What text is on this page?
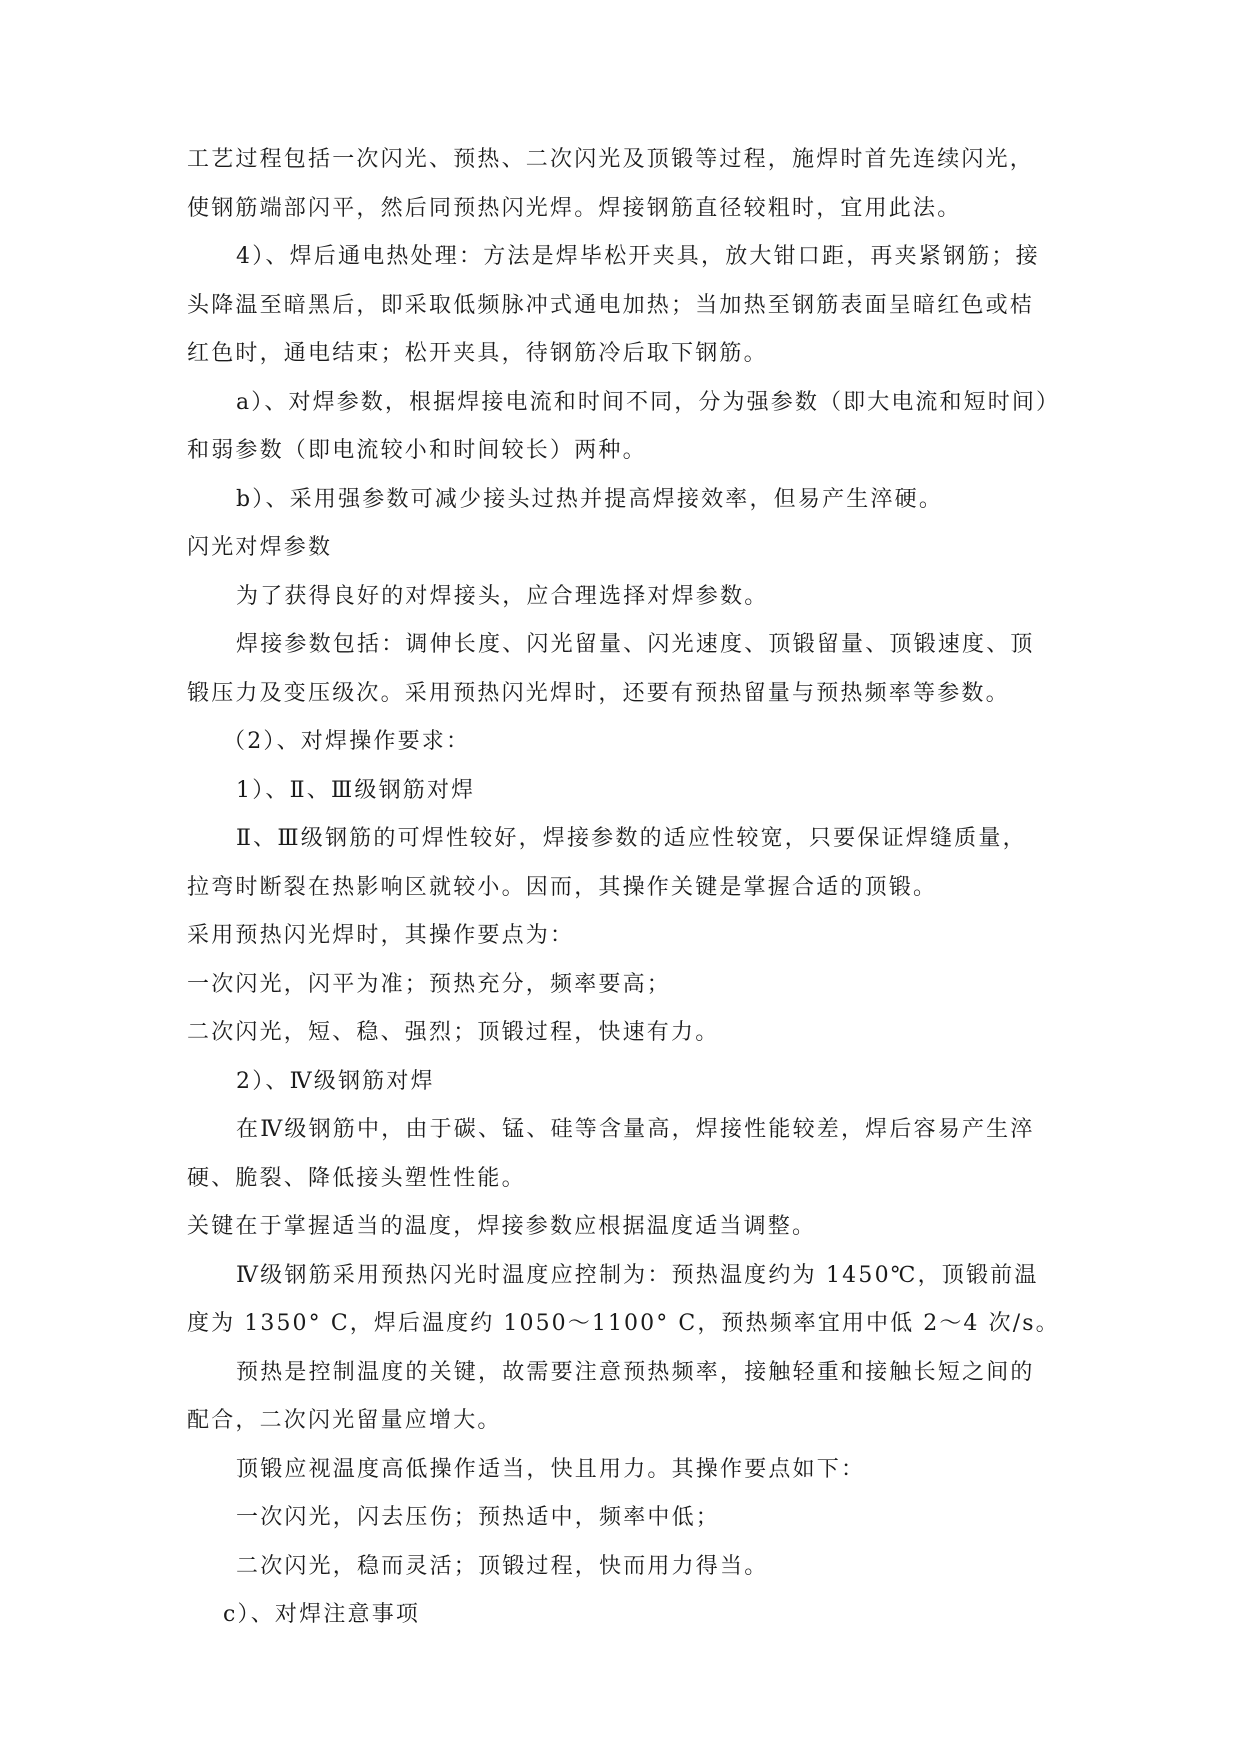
工艺过程包括一次闪光、预热、二次闪光及顶锻等过程，施焊时首先连续闪光，
使钢筋端部闪平，然后同预热闪光焊。焊接钢筋直径较粗时，宜用此法。
4）、焊后通电热处理：方法是焊毕松开夹具，放大钳口距，再夹紧钢筋；接
头降温至暗黑后，即采取低频脉冲式通电加热；当加热至钢筋表面呈暗红色或桔
红色时，通电结束；松开夹具，待钢筋冷后取下钢筋。
a）、对焊参数，根据焊接电流和时间不同，分为强参数（即大电流和短时间）
和弱参数（即电流较小和时间较长）两种。
b）、采用强参数可减少接头过热并提高焊接效率，但易产生淬硬。
闪光对焊参数
为了获得良好的对焊接头，应合理选择对焊参数。
焊接参数包括：调伸长度、闪光留量、闪光速度、顶锻留量、顶锻速度、顶
锻压力及变压级次。采用预热闪光焊时，还要有预热留量与预热频率等参数。
（2）、对焊操作要求：
1）、Ⅱ、Ⅲ级钢筋对焊
Ⅱ、Ⅲ级钢筋的可焊性较好，焊接参数的适应性较宽，只要保证焊缝质量，
拉弯时断裂在热影响区就较小。因而，其操作关键是掌握合适的顶锻。
采用预热闪光焊时，其操作要点为：
一次闪光，闪平为准；预热充分，频率要高；
二次闪光，短、稳、强烈；顶锻过程，快速有力。
2）、Ⅳ级钢筋对焊
在Ⅳ级钢筋中，由于碳、锰、硅等含量高，焊接性能较差，焊后容易产生淬
硬、脆裂、降低接头塑性性能。
关键在于掌握适当的温度，焊接参数应根据温度适当调整。
Ⅳ级钢筋采用预热闪光时温度应控制为：预热温度约为 1450℃，顶锻前温
度为 1350° C，焊后温度约 1050～1100° C，预热频率宜用中低 2～4 次/s。
预热是控制温度的关键，故需要注意预热频率，接触轻重和接触长短之间的
配合，二次闪光留量应增大。
顶锻应视温度高低操作适当，快且用力。其操作要点如下：
一次闪光，闪去压伤；预热适中，频率中低；
二次闪光，稳而灵活；顶锻过程，快而用力得当。
c）、对焊注意事项
